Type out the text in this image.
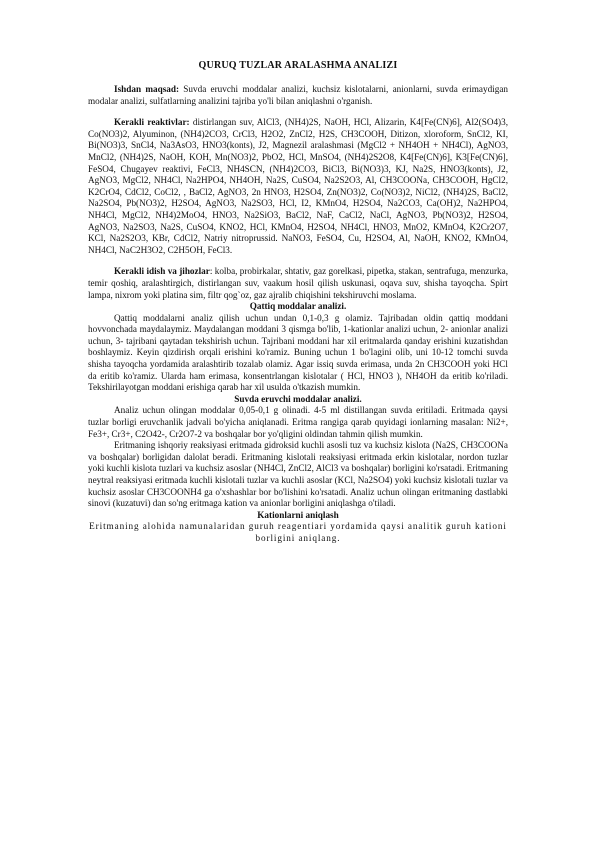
QURUQ TUZLAR ARALASHMA ANALIZI

Ishdan maqsad: Suvda eruvchi moddalar analizi, kuchsiz kislotalarni, anionlarni, suvda erimaydigan modalar analizi, sulfatlarning analizini tajriba yo'li bilan aniqlashni o'rganish.

Kerakli reaktivlar: distirlangan suv, AlCl3, (NH4)2S, NaOH, HCl, Alizarin, K4[Fe(CN)6], Al2(SO4)3, Co(NO3)2, Alyuminon, (NH4)2CO3, CrCl3, H2O2, ZnCl2, H2S, CH3COOH, Ditizon, xloroform, SnCl2, KI, Bi(NO3)3, SnCl4, Na3AsO3, HNO3(konts), J2, Magnezil aralashmasi (MgCl2 + NH4OH + NH4Cl), AgNO3, MnCl2, (NH4)2S, NaOH, KOH, Mn(NO3)2, PbO2, HCl, MnSO4, (NH4)2S2O8, K4[Fe(CN)6], K3[Fe(CN)6], FeSO4, Chugayev reaktivi, FeCl3, NH4SCN, (NH4)2CO3, BiCl3, Bi(NO3)3, KJ, Na2S, HNO3(konts), J2, AgNO3, MgCl2, NH4Cl, Na2HPO4, NH4OH, Na2S, CuSO4, Na2S2O3, Al, CH3COONa, CH3COOH, HgCl2, K2CrO4, CdCl2, CoCl2, , BaCl2, AgNO3, 2n HNO3, H2SO4, Zn(NO3)2, Co(NO3)2, NiCl2, (NH4)2S, BaCl2, Na2SO4, Pb(NO3)2, H2SO4, AgNO3, Na2SO3, HCl, I2, KMnO4, H2SO4, Na2CO3, Ca(OH)2, Na2HPO4, NH4Cl, MgCl2, NH4)2MoO4, HNO3, Na2SiO3, BaCl2, NaF, CaCl2, NaCl, AgNO3, Pb(NO3)2, H2SO4, AgNO3, Na2SO3, Na2S, CuSO4, KNO2, HCl, KMnO4, H2SO4, NH4Cl, HNO3, MnO2, KMnO4, K2Cr2O7, KCl, Na2S2O3, KBr, CdCl2, Natriy nitroprussid. NaNO3, FeSO4, Cu, H2SO4, Al, NaOH, KNO2, KMnO4, NH4Cl, NaC2H3O2, C2H5OH, FeCl3.

Kerakli idish va jihozlar: kolba, probirkalar, shtativ, gaz gorelkasi, pipetka, stakan, sentrafuga, menzurka, temir qoshiq, aralashtirgich, distirlangan suv, vaakum hosil qilish uskunasi, oqava suv, shisha tayoqcha. Spirt lampa, nixrom yoki platina sim, filtr qog`oz, gaz ajralib chiqishini tekshiruvchi moslama.

Qattiq moddalar analizi.

Qattiq moddalarni analiz qilish uchun undan 0,1-0,3 g olamiz. Tajribadan oldin qattiq moddani hovvonchada maydalaymiz. Maydalangan moddani 3 qismga bo'lib, 1-kationlar analizi uchun, 2- anionlar analizi uchun, 3- tajribani qaytadan tekshirish uchun. Tajribani moddani har xil eritmalarda qanday erishini kuzatishdan boshlaymiz. Keyin qizdirish orqali erishini ko'ramiz. Buning uchun 1 bo'lagini olib, uni 10-12 tomchi suvda shisha tayoqcha yordamida aralashtirib tozalab olamiz. Agar issiq suvda erimasa, unda 2n CH3COOH yoki HCl da eritib ko'ramiz. Ularda ham erimasa, konsentrlangan kislotalar ( HCl, HNO3 ), NH4OH da eritib ko'riladi. Tekshirilayotgan moddani erishiga qarab har xil usulda o'tkazish mumkin.

Suvda eruvchi moddalar analizi.

Analiz uchun olingan moddalar 0,05-0,1 g olinadi. 4-5 ml distillangan suvda eritiladi. Eritmada qaysi tuzlar borligi eruvchanlik jadvali bo'yicha aniqlanadi. Eritma rangiga qarab quyidagi ionlarning masalan: Ni2+, Fe3+, Cr3+, C2O42-, Cr2O7-2 va boshqalar bor yo'qligini oldindan tahmin qilish mumkin.

Eritmaning ishqoriy reaksiyasi eritmada gidroksid kuchli asosli tuz va kuchsiz kislota (Na2S, CH3COONa va boshqalar) borligidan dalolat beradi. Eritmaning kislotali reaksiyasi eritmada erkin kislotalar, nordon tuzlar yoki kuchli kislota tuzlari va kuchsiz asoslar (NH4Cl, ZnCl2, AlCl3 va boshqalar) borligini ko'rsatadi. Eritmaning neytral reaksiyasi eritmada kuchli kislotali tuzlar va kuchli asoslar (KCl, Na2SO4) yoki kuchsiz kislotali tuzlar va kuchsiz asoslar CH3COONH4 ga o'xshashlar bor bo'lishini ko'rsatadi. Analiz uchun olingan eritmaning dastlabki sinovi (kuzatuvi) dan so'ng eritmaga kation va anionlar borligini aniqlashga o'tiladi.

Kationlarni aniqlash

Eritmaning alohida namunalaridan guruh reagentiari yordamida qaysi analitik guruh kationi borligini aniqlang.
